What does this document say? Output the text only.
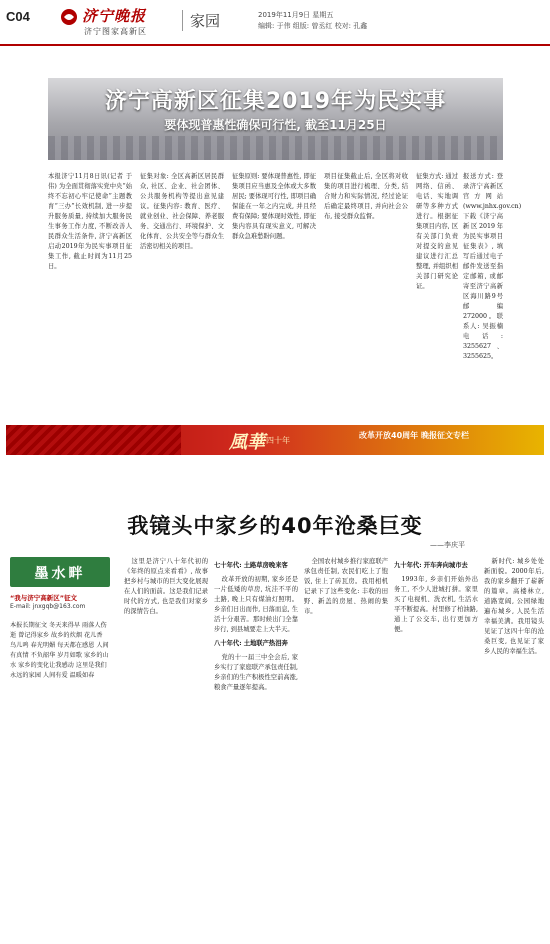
C04	济宁晚报
济宁图家高新区
家园	2019年11月9日 星期五
编辑: 于伟 组版: 曾丞红 校对: 孔鑫
济宁高新区征集2019年为民实事
要体现普惠性确保可行性, 截至11月25日
本报济宁11月8日讯(记者 于伟) 为全面贯彻落实党中央“始终不忘初心牢记使命”主题教育“三办”长效机制, 进一步提升服务质量, 持续加大服务民生事务工作力度, 不断改善人民群众生活条件, 济宁高新区启动2019年为民实事项目征集工作, 截止时间为11月25日。
征集对象: 全区高新区居民群众, 社区、企业、社会团体、公共服务机构等提出意见建议。征集内容: 教育、医疗、就业创业、社会保障、养老服务、交通出行、环境保护、文化体育、公共安全等与群众生活密切相关的项目。
征集原则: 要体现普惠性, 即征集项目应当惠及全体或大多数居民; 要体现可行性, 即项目确保能在一年之内完成, 并且经费有保障; 要体现时效性, 即征集内容具有现实意义, 可解决群众急难愁盼问题。
项目征集截止后, 全区将对收集的项目进行梳理、分类, 结合财力和实际情况, 经过论证后确定最终项目, 并向社会公布, 接受群众监督。
征集方式: 通过网络、信函、电话、实地调研等多种方式进行。根据征集项目内容, 区有关部门负责对提交的意见建议进行汇总整理, 并组织相关部门研究论证。
报送方式: 登录济宁高新区官方网站(www.jnhx.gov.cn)下载《济宁高新区2019年为民实事项目征集表》, 填写后通过电子邮件发送至指定邮箱, 或邮寄至济宁高新区海川路9号邮编272000。联系人: 吴振楠 电话: 3255627、3255625。
風華 四十年
改革开放40周年 晚报征文专栏
我镜头中家乡的40年沧桑巨变
——李庆平
墨水畔
“我与济宁高新区”征文
E-mail: jnxgqb@163.com
本报长期征文 冬天来得早 雨落人伤逝 曾记得家乡 故乡的炊烟 花儿香 鸟儿鸣 春光明媚 每天都在感恩 人间有真情 不负韶华 岁月如歌 家乡的山水 家乡的变化让我感动 这里是我们永远的家园 人间有爱 温暖如春

这里是济宁八十年代初的《年终的原点来看看》, 故事把乡村与城市的巨大变化展现在人们的面前。这是我们记录时代的方式, 也是我们对家乡的深情告白。

七十年代: 土路草房晚来客

改革开放的初期, 家乡还是一片低矮的草房, 坑洼不平的土路, 晚上只有煤油灯照明。乡亲们日出而作, 日落而息, 生活十分艰苦。那时候出门全靠步行, 到县城要走上大半天。

八十年代: 土地联产热泪奔

党的十一届三中全会后, 家乡实行了家庭联产承包责任制, 乡亲们的生产积极性空前高涨, 粮食产量逐年提高。

全国农村城乡推行家庭联产承包责任制, 农民们吃上了饱饭, 住上了砖瓦房。我用相机记录下了这些变化: 丰收的田野、新盖的房屋、热闹的集市。

九十年代: 开车奔向城市去

1993年, 乡亲们开始外出务工, 不少人进城打拼。家里买了电视机、洗衣机, 生活水平不断提高。村里修了柏油路, 通上了公交车, 出行更加方便。

新时代: 城乡处处新面貌。2000年后, 我的家乡翻开了崭新的篇章。高楼林立, 道路宽阔, 公园绿地遍布城乡, 人民生活幸福美满。我用镜头见证了这四十年的沧桑巨变, 也见证了家乡人民的幸福生活。
